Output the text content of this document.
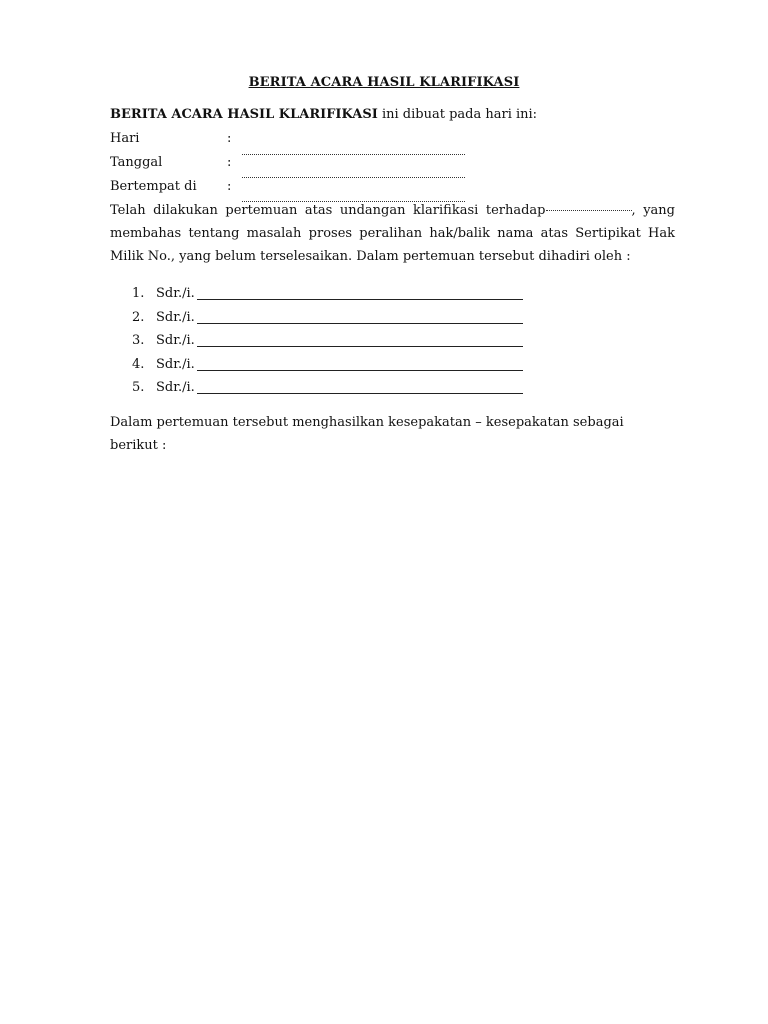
BERITA ACARA HASIL KLARIFIKASI
BERITA ACARA HASIL KLARIFIKASI ini dibuat pada hari ini:
Hari	:
Tanggal	:
Bertempat di :
Telah dilakukan pertemuan atas undangan klarifikasi terhadap	, yang membahas tentang masalah proses peralihan hak/balik nama atas Sertipikat Hak Milik No., yang belum terselesaikan. Dalam pertemuan tersebut dihadiri oleh :
1. Sdr./i.
2. Sdr./i.
3. Sdr./i.
4. Sdr./i.
5. Sdr./i.
Dalam pertemuan tersebut menghasilkan kesepakatan – kesepakatan sebagai berikut :
